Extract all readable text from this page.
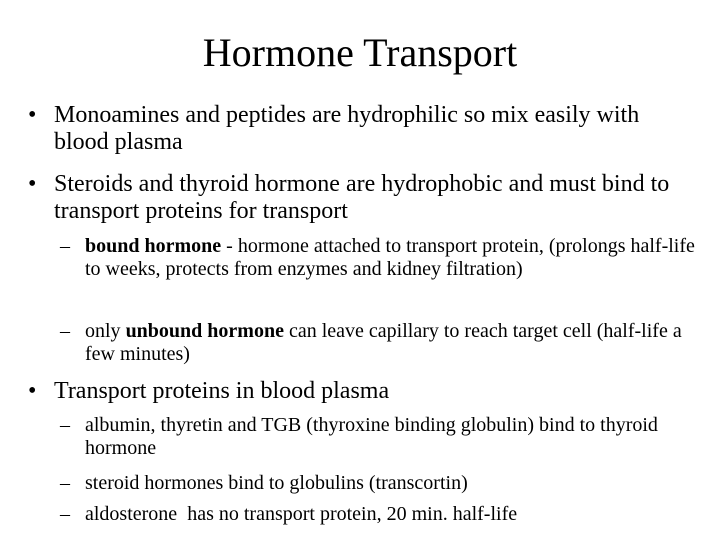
Hormone Transport
• Monoamines and peptides are hydrophilic so mix easily with blood plasma
• Steroids and thyroid hormone are hydrophobic and must bind to transport proteins for transport
– bound hormone - hormone attached to transport protein, (prolongs half-life to weeks, protects from enzymes and kidney filtration)
– only unbound hormone can leave capillary to reach target cell (half-life a few minutes)
• Transport proteins in blood plasma
– albumin, thyretin and TGB (thyroxine binding globulin) bind to thyroid hormone
– steroid hormones bind to globulins (transcortin)
– aldosterone  has no transport protein, 20 min. half-life
